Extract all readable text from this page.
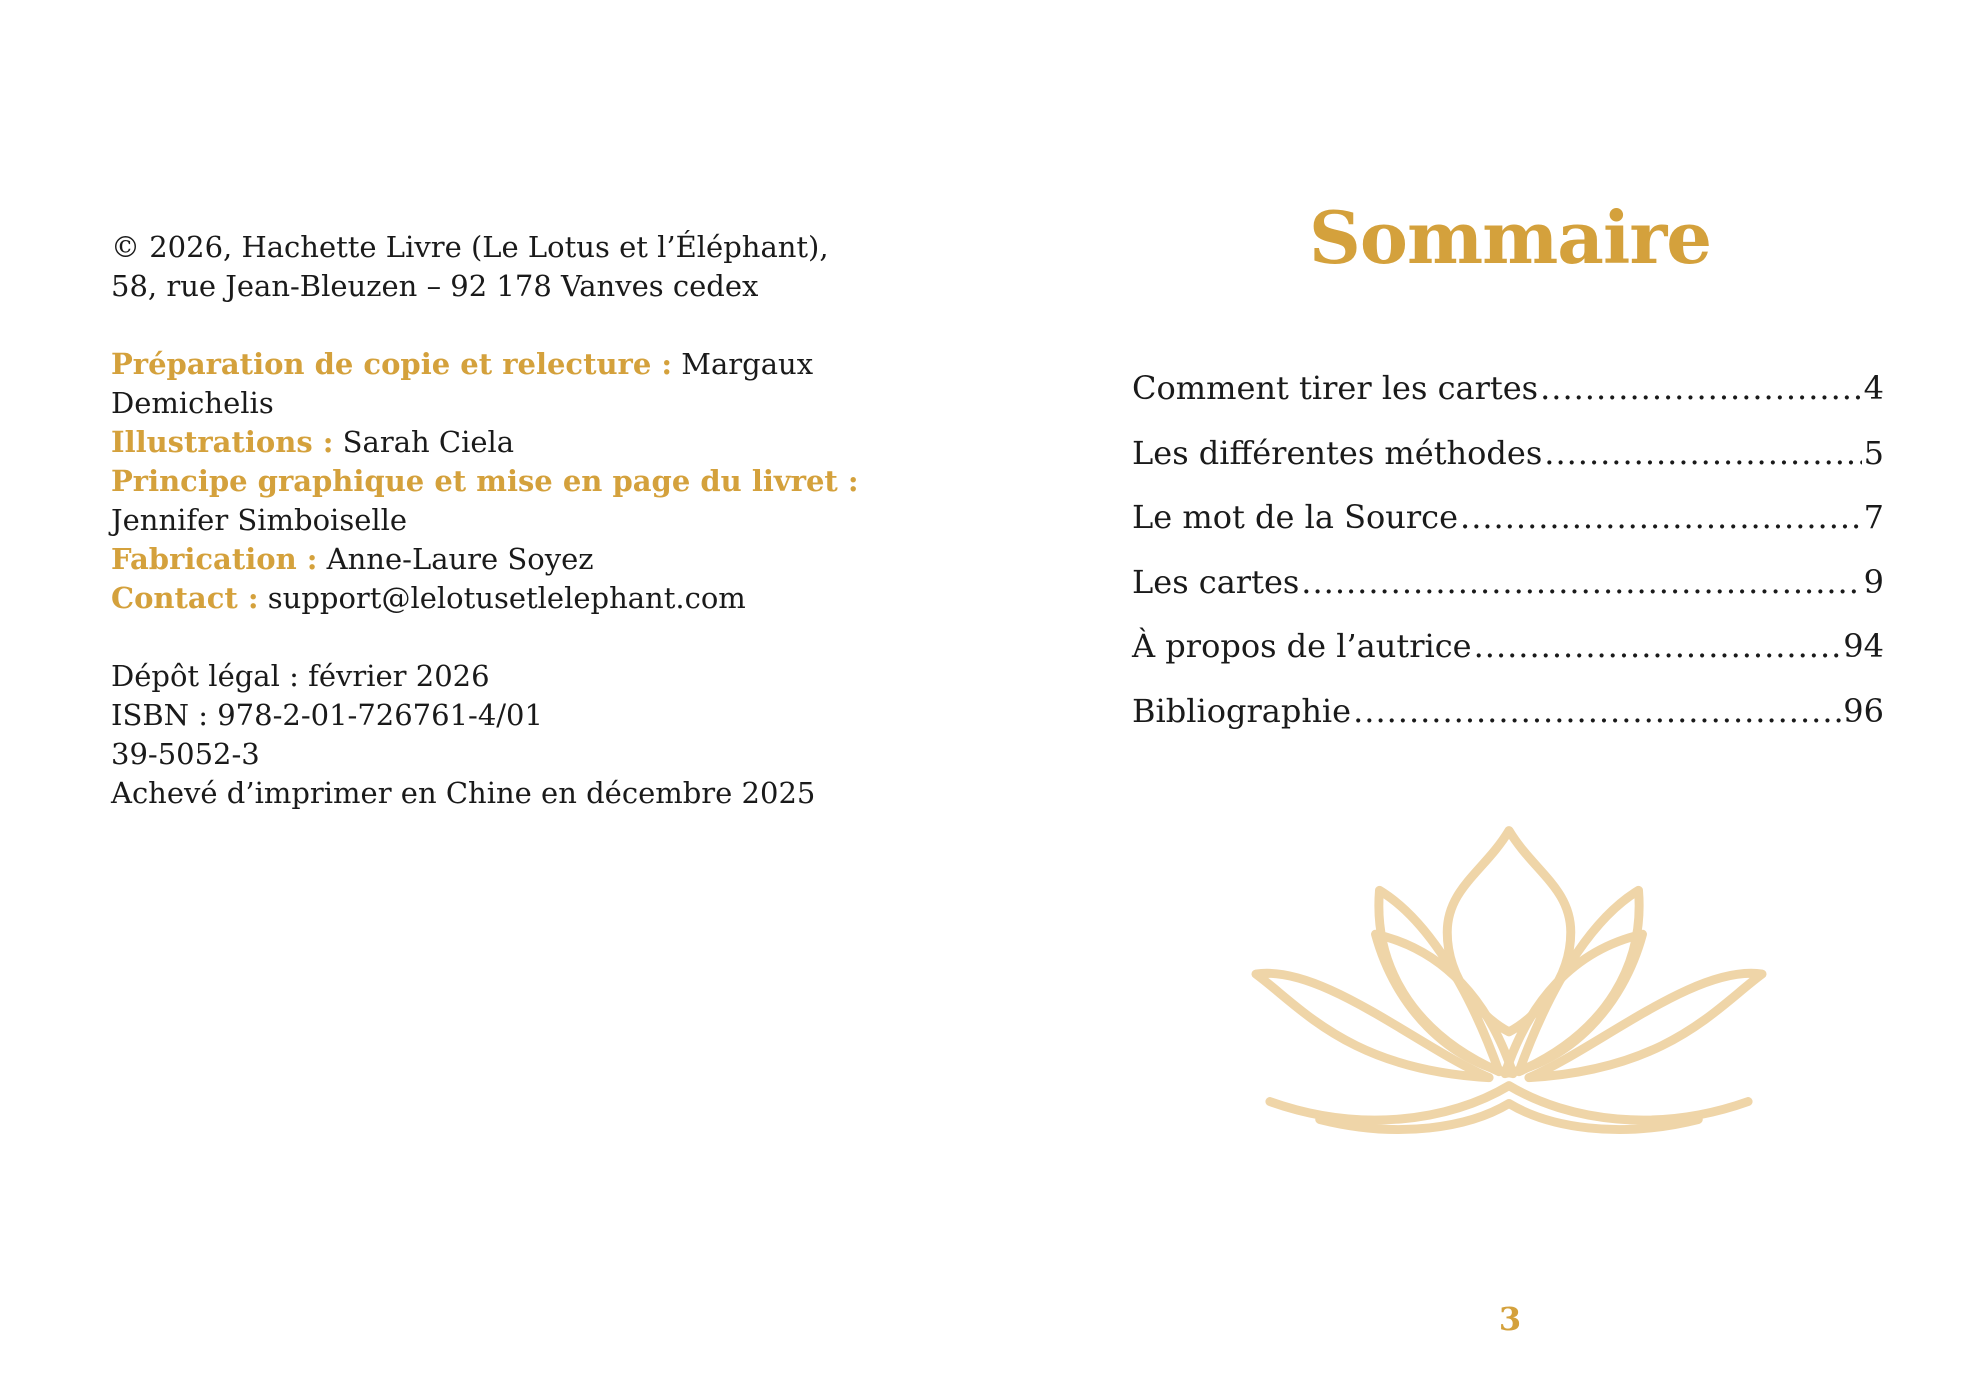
© 2026, Hachette Livre (Le Lotus et l’Éléphant),
58, rue Jean-Bleuzen – 92 178 Vanves cedex
Préparation de copie et relecture : Margaux Demichelis
Illustrations : Sarah Ciela
Principe graphique et mise en page du livret : Jennifer Simboiselle
Fabrication : Anne-Laure Soyez
Contact : support@lelotusetlelephant.com
Dépôt légal : février 2026
ISBN : 978-2-01-726761-4/01
39-5052-3
Achevé d’imprimer en Chine en décembre 2025
Sommaire
Comment tirer les cartes .....	4
Les différentes méthodes .....	5
Le mot de la Source .....	7
Les cartes .....	9
À propos de l’autrice .....	94
Bibliographie .....	96
3
